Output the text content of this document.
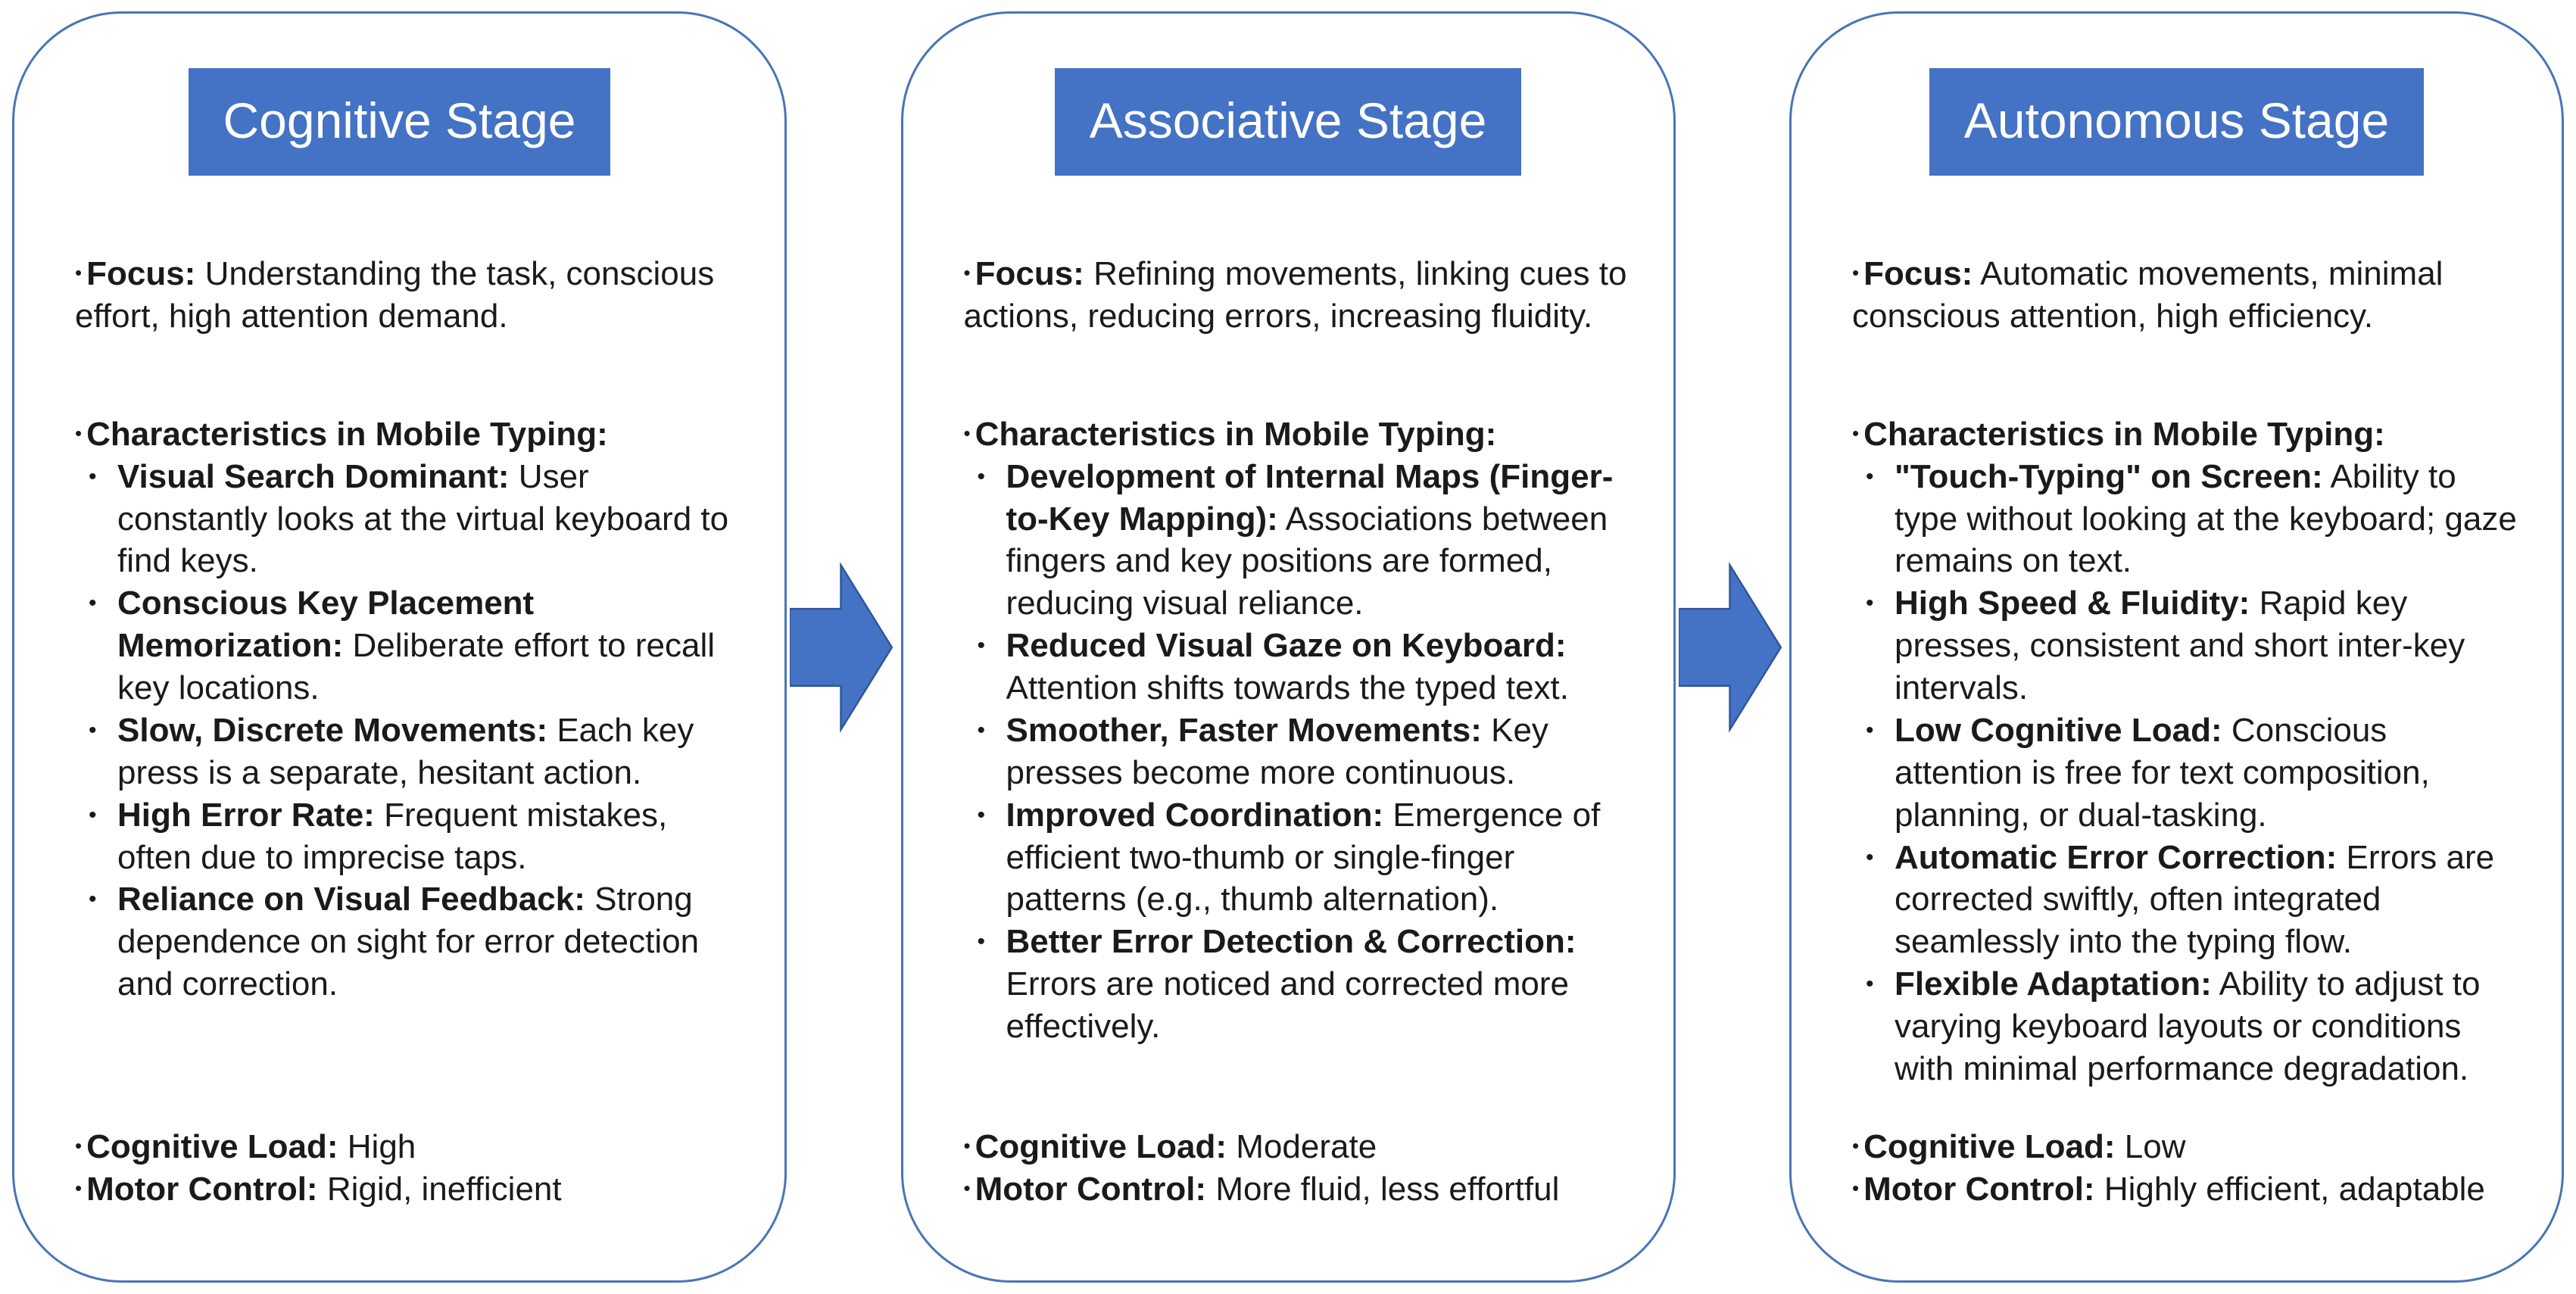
Cognitive Stage

• Focus: Understanding the task, conscious effort, high attention demand.

• Characteristics in Mobile Typing:

• Visual Search Dominant: User constantly looks at the virtual keyboard to find keys.
• Conscious Key Placement Memorization: Deliberate effort to recall key locations.
• Slow, Discrete Movements: Each key press is a separate, hesitant action.
• High Error Rate: Frequent mistakes, often due to imprecise taps.
• Reliance on Visual Feedback: Strong dependence on sight for error detection and correction.

• Cognitive Load: High

• Motor Control: Rigid, inefficient

Associative Stage

• Focus: Refining movements, linking cues to actions, reducing errors, increasing fluidity.

• Characteristics in Mobile Typing:

• Development of Internal Maps (Finger-to-Key Mapping): Associations between fingers and key positions are formed, reducing visual reliance.
• Reduced Visual Gaze on Keyboard: Attention shifts towards the typed text.
• Smoother, Faster Movements: Key presses become more continuous.
• Improved Coordination: Emergence of efficient two-thumb or single-finger patterns (e.g., thumb alternation).
• Better Error Detection & Correction: Errors are noticed and corrected more effectively.

• Cognitive Load: Moderate

• Motor Control: More fluid, less effortful

Autonomous Stage

• Focus: Automatic movements, minimal conscious attention, high efficiency.

• Characteristics in Mobile Typing:

• "Touch-Typing" on Screen: Ability to type without looking at the keyboard; gaze remains on text.
• High Speed & Fluidity: Rapid key presses, consistent and short inter-key intervals.
• Low Cognitive Load: Conscious attention is free for text composition, planning, or dual-tasking.
• Automatic Error Correction: Errors are corrected swiftly, often integrated seamlessly into the typing flow.
• Flexible Adaptation: Ability to adjust to varying keyboard layouts or conditions with minimal performance degradation.

• Cognitive Load: Low

• Motor Control: Highly efficient, adaptable
